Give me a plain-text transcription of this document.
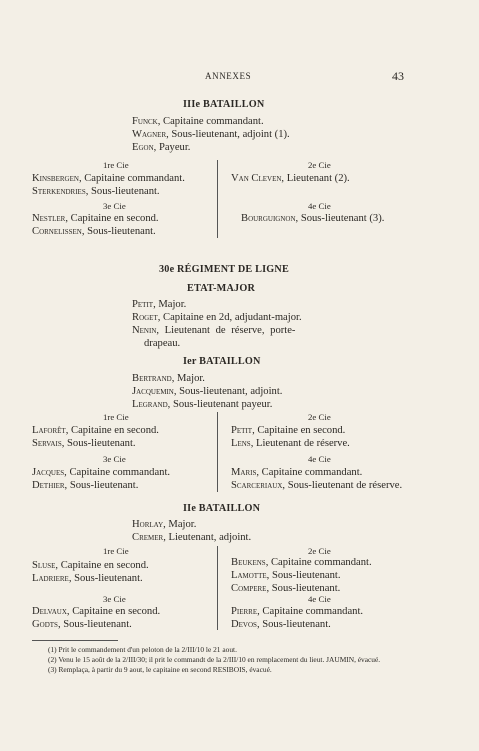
ANNEXES	43
IIIe BATAILLON
Funck, Capitaine commandant.
Wagner, Sous-lieutenant, adjoint (1).
Egon, Payeur.
1re Cie
Kinsbergen, Capitaine commandant.
Sterkendries, Sous-lieutenant.
2e Cie
Van Cleven, Lieutenant (2).
3e Cie
Nestler, Capitaine en second.
Cornelissen, Sous-lieutenant.
4e Cie
Bourguignon, Sous-lieutenant (3).
30e RÉGIMENT DE LIGNE
ETAT-MAJOR
Petit, Major.
Roget, Capitaine en 2d, adjudant-major.
Nenin, Lieutenant de réserve, porte-
drapeau.
Ier BATAILLON
Bertrand, Major.
Jacquemin, Sous-lieutenant, adjoint.
Legrand, Sous-lieutenant payeur.
1re Cie
Laforêt, Capitaine en second.
Servais, Sous-lieutenant.
2e Cie
Petit, Capitaine en second.
Lens, Lieutenant de réserve.
3e Cie
Jacques, Capitaine commandant.
Dethier, Sous-lieutenant.
4e Cie
Maris, Capitaine commandant.
Scarceriaux, Sous-lieutenant de réserve.
IIe BATAILLON
Horlay, Major.
Cremer, Lieutenant, adjoint.
1re Cie
Sluse, Capitaine en second.
Ladriere, Sous-lieutenant.
2e Cie
Beukens, Capitaine commandant.
Lamotte, Sous-lieutenant.
Compere, Sous-lieutenant.
3e Cie
Delvaux, Capitaine en second.
Godts, Sous-lieutenant.
4e Cie
Pierre, Capitaine commandant.
Devos, Sous-lieutenant.
(1) Prit le commandement d'un peloton de la 2/III/10 le 21 aout.
(2) Venu le 15 août de la 2/III/30; il prit le commandt de la 2/III/10 en remplacement du lieut. JAUMIN, évacué.
(3) Remplaça, à partir du 9 aout, le capitaine en second RESIBOIS, évacué.
